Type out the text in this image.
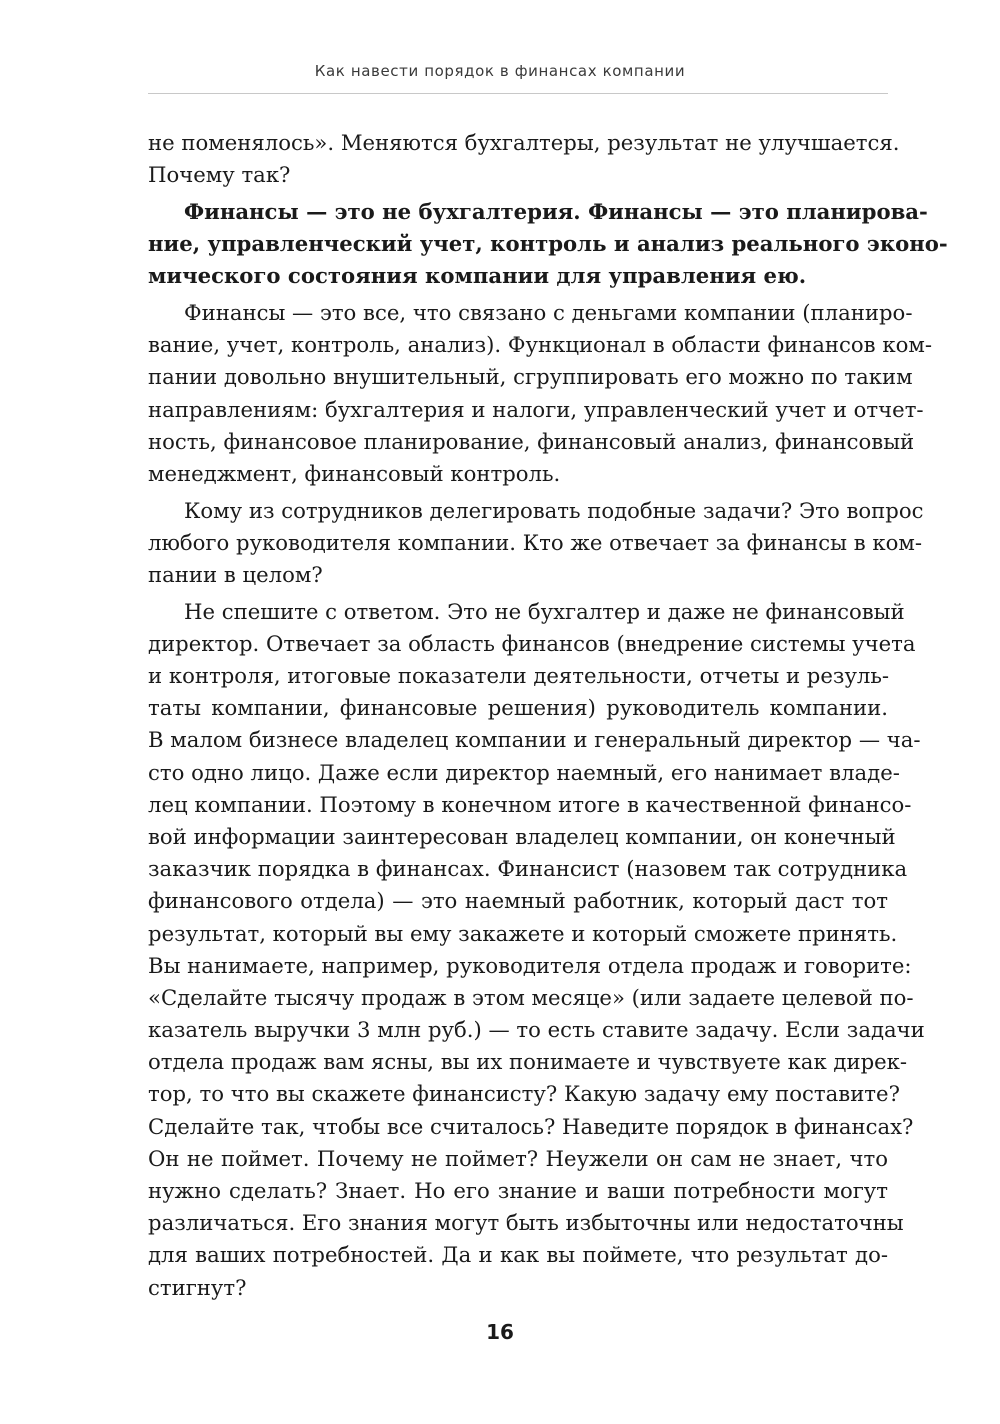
Как навести порядок в финансах компании
не поменялось». Меняются бухгалтеры, результат не улучшается.
Почему так?
Финансы — это не бухгалтерия. Финансы — это планирова-
ние, управленческий учет, контроль и анализ реального эконо-
мического состояния компании для управления ею.
Финансы — это все, что связано с деньгами компании (планиро-
вание, учет, контроль, анализ). Функционал в области финансов ком-
пании довольно внушительный, сгруппировать его можно по таким
направлениям: бухгалтерия и налоги, управленческий учет и отчет-
ность, финансовое планирование, финансовый анализ, финансовый
менеджмент, финансовый контроль.
Кому из сотрудников делегировать подобные задачи? Это вопрос
любого руководителя компании. Кто же отвечает за финансы в ком-
пании в целом?
Не спешите с ответом. Это не бухгалтер и даже не финансовый
директор. Отвечает за область финансов (внедрение системы учета
и контроля, итоговые показатели деятельности, отчеты и резуль-
таты компании, финансовые решения) руководитель компании.
В малом бизнесе владелец компании и генеральный директор — ча-
сто одно лицо. Даже если директор наемный, его нанимает владе-
лец компании. Поэтому в конечном итоге в качественной финансо-
вой информации заинтересован владелец компании, он конечный
заказчик порядка в финансах. Финансист (назовем так сотрудника
финансового отдела) — это наемный работник, который даст тот
результат, который вы ему закажете и который сможете принять.
Вы нанимаете, например, руководителя отдела продаж и говорите:
«Сделайте тысячу продаж в этом месяце» (или задаете целевой по-
казатель выручки 3 млн руб.) — то есть ставите задачу. Если задачи
отдела продаж вам ясны, вы их понимаете и чувствуете как дирек-
тор, то что вы скажете финансисту? Какую задачу ему поставите?
Сделайте так, чтобы все считалось? Наведите порядок в финансах?
Он не поймет. Почему не поймет? Неужели он сам не знает, что
нужно сделать? Знает. Но его знание и ваши потребности могут
различаться. Его знания могут быть избыточны или недостаточны
для ваших потребностей. Да и как вы поймете, что результат до-
стигнут?
16
